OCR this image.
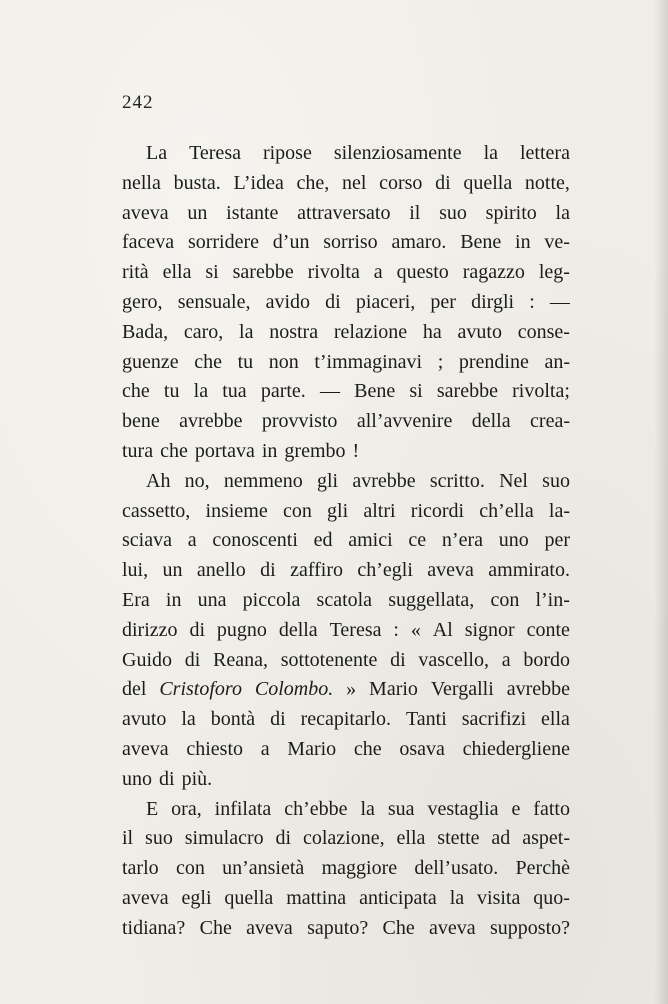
242
La Teresa ripose silenziosamente la lettera
nella busta. L’idea che, nel corso di quella notte,
aveva un istante attraversato il suo spirito la
faceva sorridere d’un sorriso amaro. Bene in ve-
rità ella si sarebbe rivolta a questo ragazzo leg-
gero, sensuale, avido di piaceri, per dirgli : —
Bada, caro, la nostra relazione ha avuto conse-
guenze che tu non t’immaginavi ; prendine an-
che tu la tua parte. — Bene si sarebbe rivolta;
bene avrebbe provvisto all’avvenire della crea-
tura che portava in grembo !
Ah no, nemmeno gli avrebbe scritto. Nel suo
cassetto, insieme con gli altri ricordi ch’ella la-
sciava a conoscenti ed amici ce n’era uno per
lui, un anello di zaffiro ch’egli aveva ammirato.
Era in una piccola scatola suggellata, con l’in-
dirizzo di pugno della Teresa : « Al signor conte
Guido di Reana, sottotenente di vascello, a bordo
del Cristoforo Colombo. » Mario Vergalli avrebbe
avuto la bontà di recapitarlo. Tanti sacrifizi ella
aveva chiesto a Mario che osava chiedergliene
uno di più.
E ora, infilata ch’ebbe la sua vestaglia e fatto
il suo simulacro di colazione, ella stette ad aspet-
tarlo con un’ansietà maggiore dell’usato. Perchè
aveva egli quella mattina anticipata la visita quo-
tidiana? Che aveva saputo? Che aveva supposto?
